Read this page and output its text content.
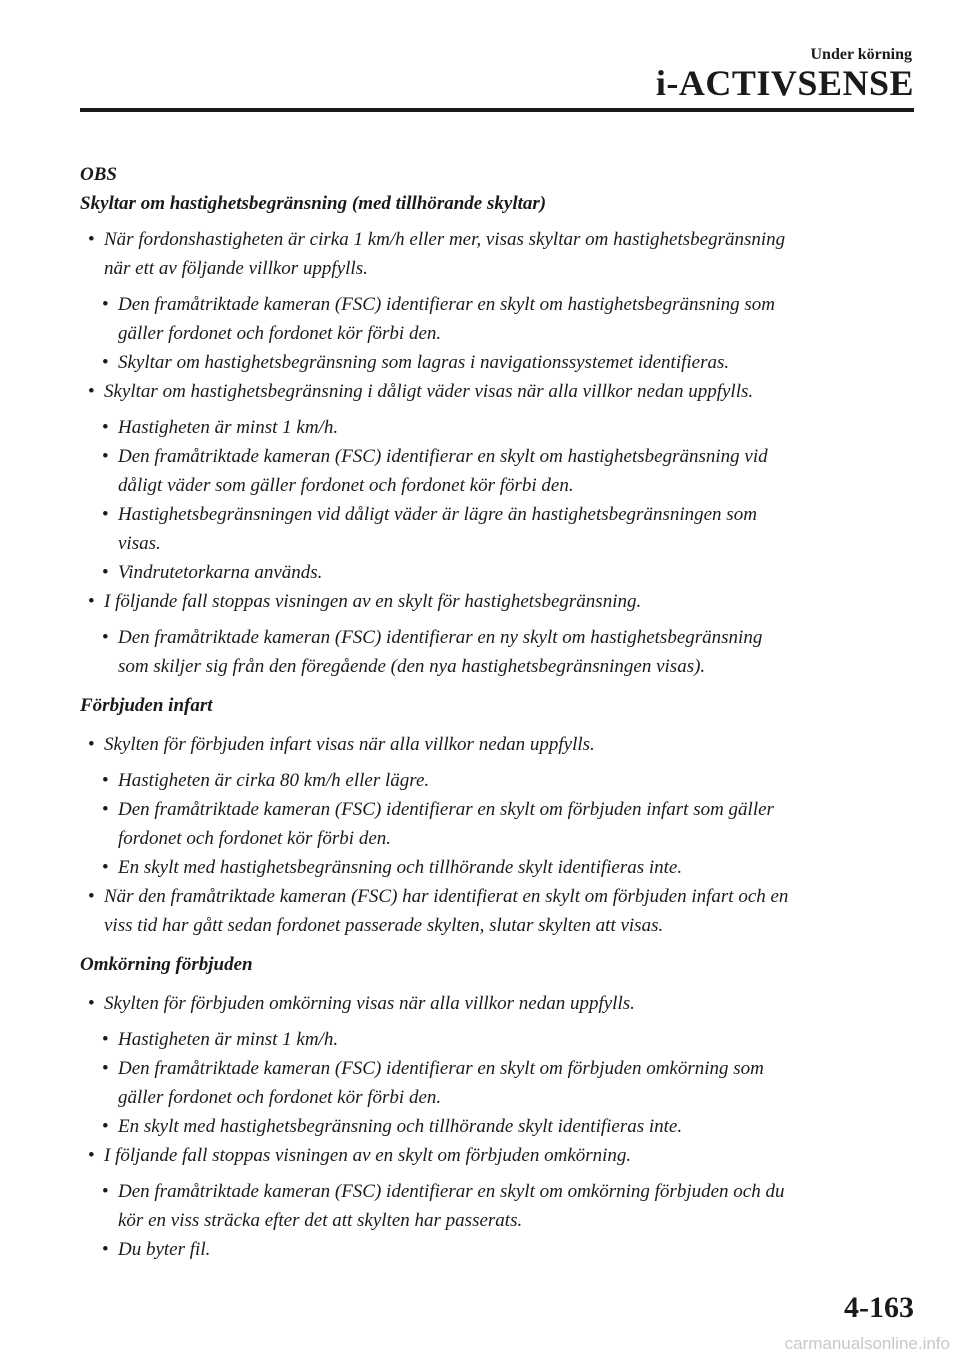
Under körning
i-ACTIVSENSE

OBS

Skyltar om hastighetsbegränsning (med tillhörande skyltar)

• När fordonshastigheten är cirka 1 km/h eller mer, visas skyltar om hastighetsbegränsning
när ett av följande villkor uppfylls.

• Den framåtriktade kameran (FSC) identifierar en skylt om hastighetsbegränsning som
gäller fordonet och fordonet kör förbi den.

• Skyltar om hastighetsbegränsning som lagras i navigationssystemet identifieras.

• Skyltar om hastighetsbegränsning i dåligt väder visas när alla villkor nedan uppfylls.

• Hastigheten är minst 1 km/h.

• Den framåtriktade kameran (FSC) identifierar en skylt om hastighetsbegränsning vid
dåligt väder som gäller fordonet och fordonet kör förbi den.

• Hastighetsbegränsningen vid dåligt väder är lägre än hastighetsbegränsningen som
visas.

• Vindrutetorkarna används.

• I följande fall stoppas visningen av en skylt för hastighetsbegränsning.

• Den framåtriktade kameran (FSC) identifierar en ny skylt om hastighetsbegränsning
som skiljer sig från den föregående (den nya hastighetsbegränsningen visas).

Förbjuden infart

• Skylten för förbjuden infart visas när alla villkor nedan uppfylls.

• Hastigheten är cirka 80 km/h eller lägre.

• Den framåtriktade kameran (FSC) identifierar en skylt om förbjuden infart som gäller
fordonet och fordonet kör förbi den.

• En skylt med hastighetsbegränsning och tillhörande skylt identifieras inte.

• När den framåtriktade kameran (FSC) har identifierat en skylt om förbjuden infart och en
viss tid har gått sedan fordonet passerade skylten, slutar skylten att visas.

Omkörning förbjuden

• Skylten för förbjuden omkörning visas när alla villkor nedan uppfylls.

• Hastigheten är minst 1 km/h.

• Den framåtriktade kameran (FSC) identifierar en skylt om förbjuden omkörning som
gäller fordonet och fordonet kör förbi den.

• En skylt med hastighetsbegränsning och tillhörande skylt identifieras inte.

• I följande fall stoppas visningen av en skylt om förbjuden omkörning.

• Den framåtriktade kameran (FSC) identifierar en skylt om omkörning förbjuden och du
kör en viss sträcka efter det att skylten har passerats.

• Du byter fil.

4-163
carmanualsonline.info
